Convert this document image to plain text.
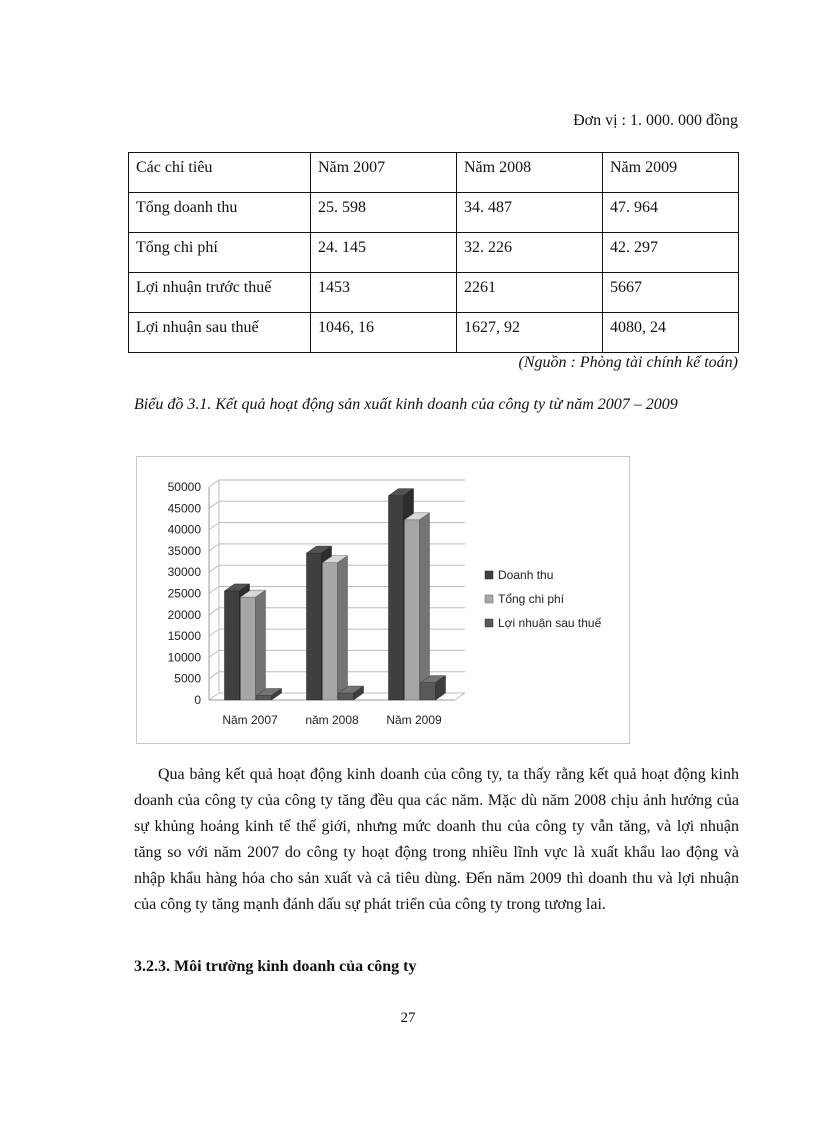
Đơn vị : 1. 000. 000 đồng
Các chỉ tiêu	Năm 2007	Năm 2008	Năm 2009
Tổng doanh thu	25. 598	34. 487	47. 964
Tổng chi phí	24. 145	32. 226	42. 297
Lợi nhuận trước thuế	1453	2261	5667
Lợi nhuận sau thuế	1046, 16	1627, 92	4080, 24
(Nguồn : Phòng tài chính kế toán)
Biểu đồ 3.1. Kết quả hoạt động sản xuất kinh doanh của công ty từ năm 2007 – 2009
0
5000
10000
15000
20000
25000
30000
35000
40000
45000
50000
Năm 2007 năm 2008 Năm 2009
Doanh thu
Tổng chi phí
Lợi nhuận sau thuế

Qua bảng kết quả hoạt động kinh doanh của công ty, ta thấy rằng kết quả hoạt động kinh doanh của công ty của công ty tăng đều qua các năm. Mặc dù năm 2008 chịu ảnh hưởng của sự khủng hoảng kinh tế thế giới, nhưng mức doanh thu của công ty vẫn tăng, và lợi nhuận tăng so với năm 2007 do công ty hoạt động trong nhiều lĩnh vực là xuất khẩu lao động và nhập khẩu hàng hóa cho sản xuất và cả tiêu dùng. Đến năm 2009 thì doanh thu và lợi nhuận của công ty tăng mạnh đánh dấu sự phát triển của công ty trong tương lai.

3.2.3. Môi trường kinh doanh của công ty
27
